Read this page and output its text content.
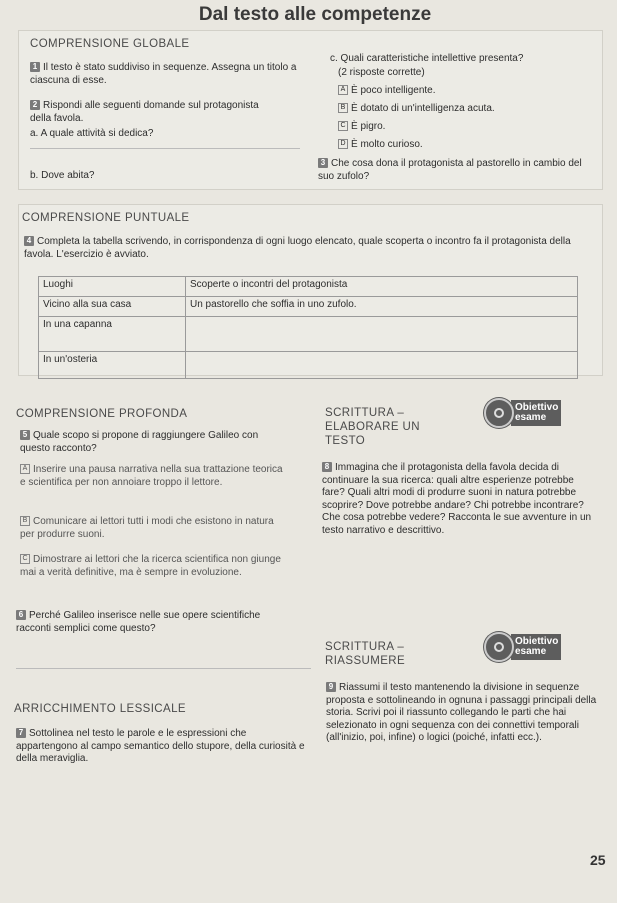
Dal testo alle competenze
COMPRENSIONE GLOBALE
1 Il testo è stato suddiviso in sequenze. Assegna un titolo a ciascuna di esse.
2 Rispondi alle seguenti domande sul protagonista della favola.
a. A quale attività si dedica?
b. Dove abita?
c. Quali caratteristiche intellettive presenta?
(2 risposte corrette)
A È poco intelligente.
B È dotato di un'intelligenza acuta.
C È pigro.
D È molto curioso.
3 Che cosa dona il protagonista al pastorello in cambio del suo zufolo?
COMPRENSIONE PUNTUALE
4 Completa la tabella scrivendo, in corrispondenza di ogni luogo elencato, quale scoperta o incontro fa il protagonista della favola. L'esercizio è avviato.
Luoghi	Scoperte o incontri del protagonista
Vicino alla sua casa	Un pastorello che soffia in uno zufolo.
In una capanna	
In un'osteria	
COMPRENSIONE PROFONDA
5 Quale scopo si propone di raggiungere Galileo con questo racconto?
A Inserire una pausa narrativa nella sua trattazione teorica e scientifica per non annoiare troppo il lettore.
B Comunicare ai lettori tutti i modi che esistono in natura per produrre suoni.
C Dimostrare ai lettori che la ricerca scientifica non giunge mai a verità definitive, ma è sempre in evoluzione.
6 Perché Galileo inserisce nelle sue opere scientifiche racconti semplici come questo?
ARRICCHIMENTO LESSICALE
7 Sottolinea nel testo le parole e le espressioni che appartengono al campo semantico dello stupore, della curiosità e della meraviglia.
SCRITTURA – ELABORARE UN TESTO
Obiettivo esame
8 Immagina che il protagonista della favola decida di continuare la sua ricerca: quali altre esperienze potrebbe fare? Quali altri modi di produrre suoni in natura potrebbe scoprire? Dove potrebbe andare? Chi potrebbe incontrare? Che cosa potrebbe vedere? Racconta le sue avventure in un testo narrativo e descrittivo.
SCRITTURA – RIASSUMERE
Obiettivo esame
9 Riassumi il testo mantenendo la divisione in sequenze proposta e sottolineando in ognuna i passaggi principali della storia. Scrivi poi il riassunto collegando le parti che hai selezionato in ogni sequenza con dei connettivi temporali (all'inizio, poi, infine) o logici (poiché, infatti ecc.).
25
